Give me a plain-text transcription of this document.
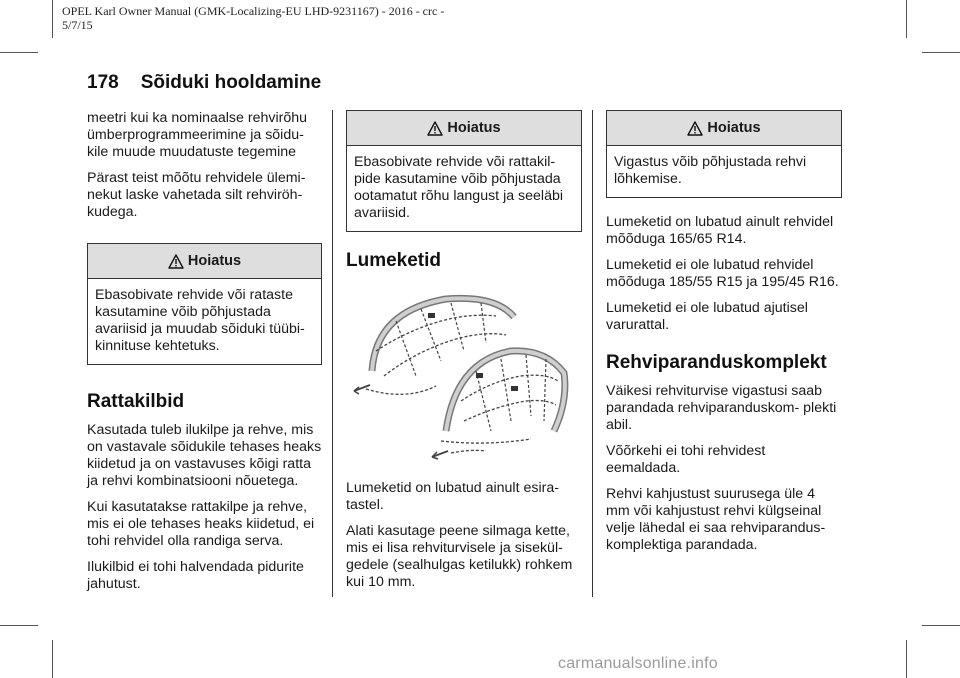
OPEL Karl Owner Manual (GMK-Localizing-EU LHD-9231167) - 2016 - crc -
5/7/15
178 Sõiduki hooldamine

meetri kui ka nominaalse rehvirõhu ümberprogrammeerimine ja sõidu- kile muude muudatuste tegemine

Pärast teist mõõtu rehvidele ülemi- nekut laske vahetada silt rehviröh- kudega.

Hoiatus
Ebasobivate rehvide või rataste kasutamine võib põhjustada avariisid ja muudab sõiduki tüübi- kinnituse kehtetuks.
Rattakilbid

Kasutada tuleb ilukilpe ja rehve, mis on vastavale sõidukile tehases heaks kiidetud ja on vastavuses kõigi ratta ja rehvi kombinatsiooni nõuetega.

Kui kasutatakse rattakilpe ja rehve, mis ei ole tehases heaks kiidetud, ei tohi rehvidel olla randiga serva.

Ilukilbid ei tohi halvendada pidurite jahutust.

Hoiatus
Ebasobivate rehvide või rattakil- pide kasutamine võib põhjustada ootamatut rõhu langust ja seeläbi avariisid.
Lumeketid

Lumeketid on lubatud ainult esira- tastel.

Alati kasutage peene silmaga kette, mis ei lisa rehviturvisele ja sisekül- gedele (sealhulgas ketilukk) rohkem kui 10 mm.

Hoiatus
Vigastus võib põhjustada rehvi lõhkemise.

Lumeketid on lubatud ainult rehvidel mõõduga 165/65 R14.

Lumeketid ei ole lubatud rehvidel mõõduga 185/55 R15 ja 195/45 R16.

Lumeketid ei ole lubatud ajutisel varurattal.

Rehviparanduskomplekt

Väikesi rehviturvise vigastusi saab parandada rehviparanduskom- plekti abil.

Võõrkehi ei tohi rehvidest eemaldada.

Rehvi kahjustust suurusega üle 4 mm või kahjustust rehvi külgseinal velje lähedal ei saa rehviparandus- komplektiga parandada.

carmanualsonline.info
